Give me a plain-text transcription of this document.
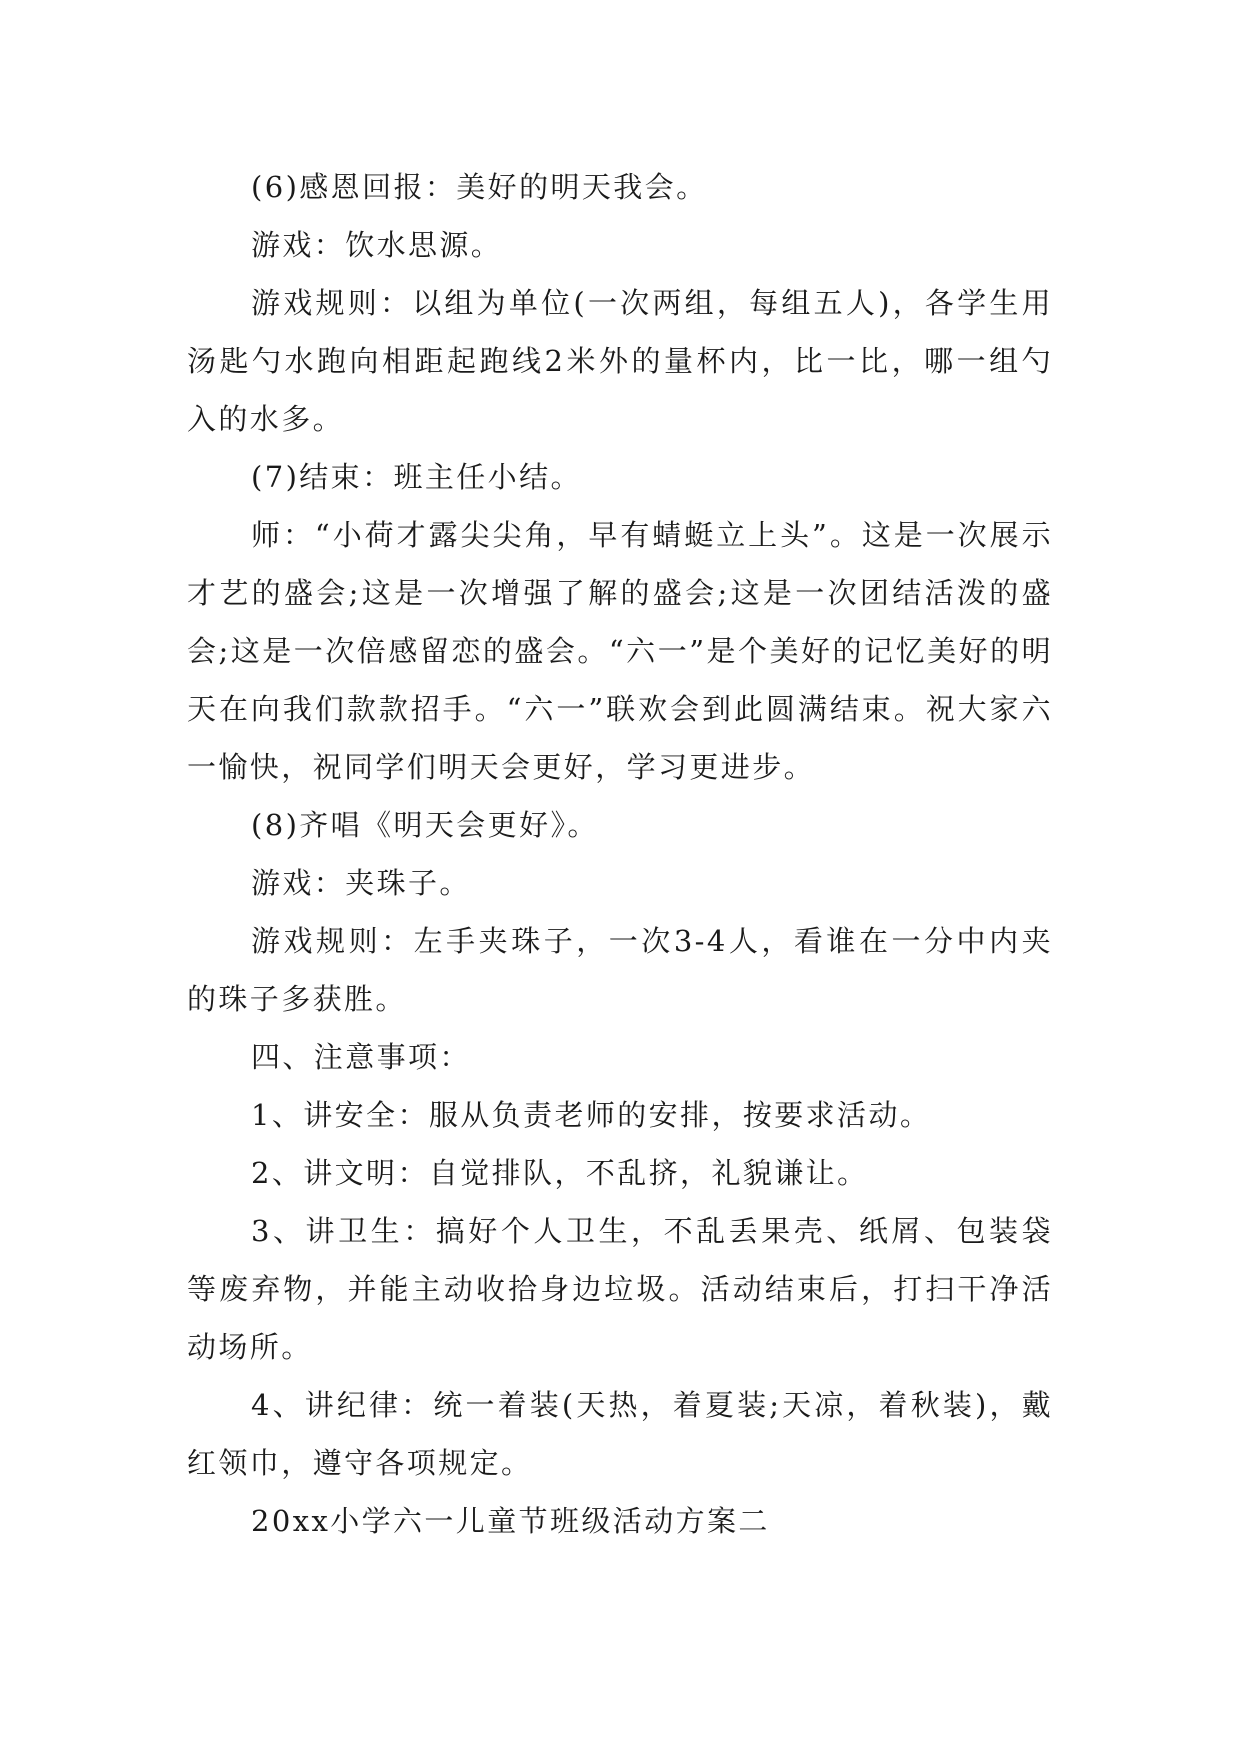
(6)感恩回报：美好的明天我会。

游戏：饮水思源。

游戏规则：以组为单位(一次两组，每组五人)，各学生用汤匙勺水跑向相距起跑线2米外的量杯内，比一比，哪一组勺入的水多。

(7)结束：班主任小结。

师：“小荷才露尖尖角，早有蜻蜓立上头”。这是一次展示才艺的盛会;这是一次增强了解的盛会;这是一次团结活泼的盛会;这是一次倍感留恋的盛会。“六一”是个美好的记忆美好的明天在向我们款款招手。“六一”联欢会到此圆满结束。祝大家六一愉快，祝同学们明天会更好，学习更进步。

(8)齐唱《明天会更好》。

游戏：夹珠子。

游戏规则：左手夹珠子，一次3-4人，看谁在一分中内夹的珠子多获胜。

四、注意事项：

1、讲安全：服从负责老师的安排，按要求活动。

2、讲文明：自觉排队，不乱挤，礼貌谦让。

3、讲卫生：搞好个人卫生，不乱丢果壳、纸屑、包装袋等废弃物，并能主动收拾身边垃圾。活动结束后，打扫干净活动场所。

4、讲纪律：统一着装(天热，着夏装;天凉，着秋装)，戴红领巾，遵守各项规定。

20xx小学六一儿童节班级活动方案二
